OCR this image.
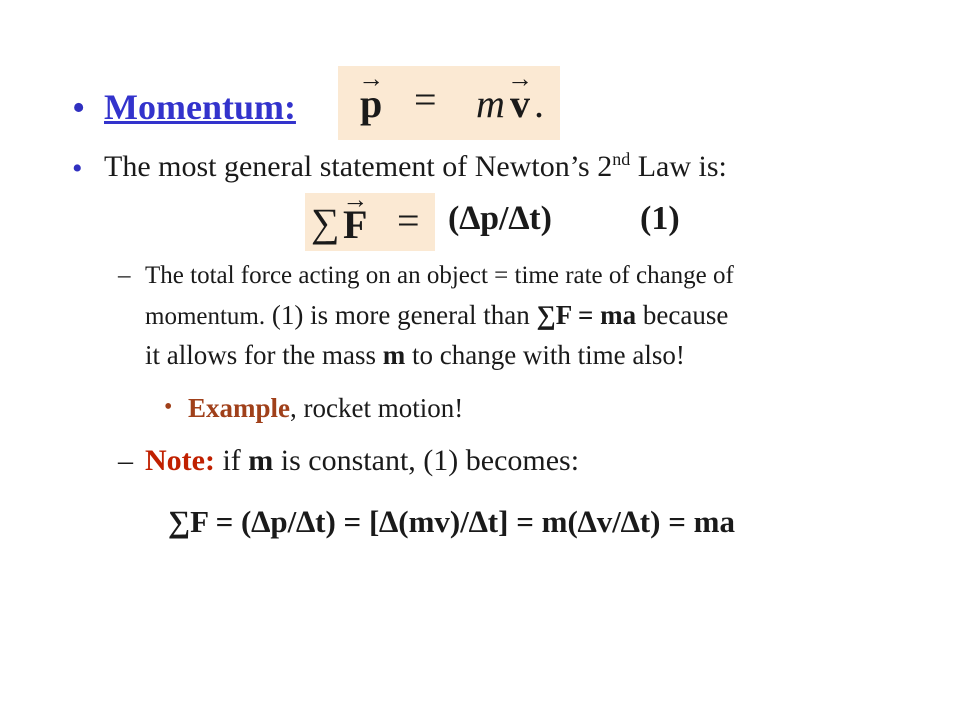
• Momentum: → p = m → v .
• The most general statement of Newton’s 2nd Law is:
∑ → F = (∆p/∆t)	(1)
– The total force acting on an object = time rate of change of
momentum. (1) is more general than ∑F = ma because
it allows for the mass m to change with time also!
• Example, rocket motion!
– Note: if m is constant, (1) becomes:
∑F = (∆p/∆t) = [∆(mv)/∆t] = m(∆v/∆t) = ma
